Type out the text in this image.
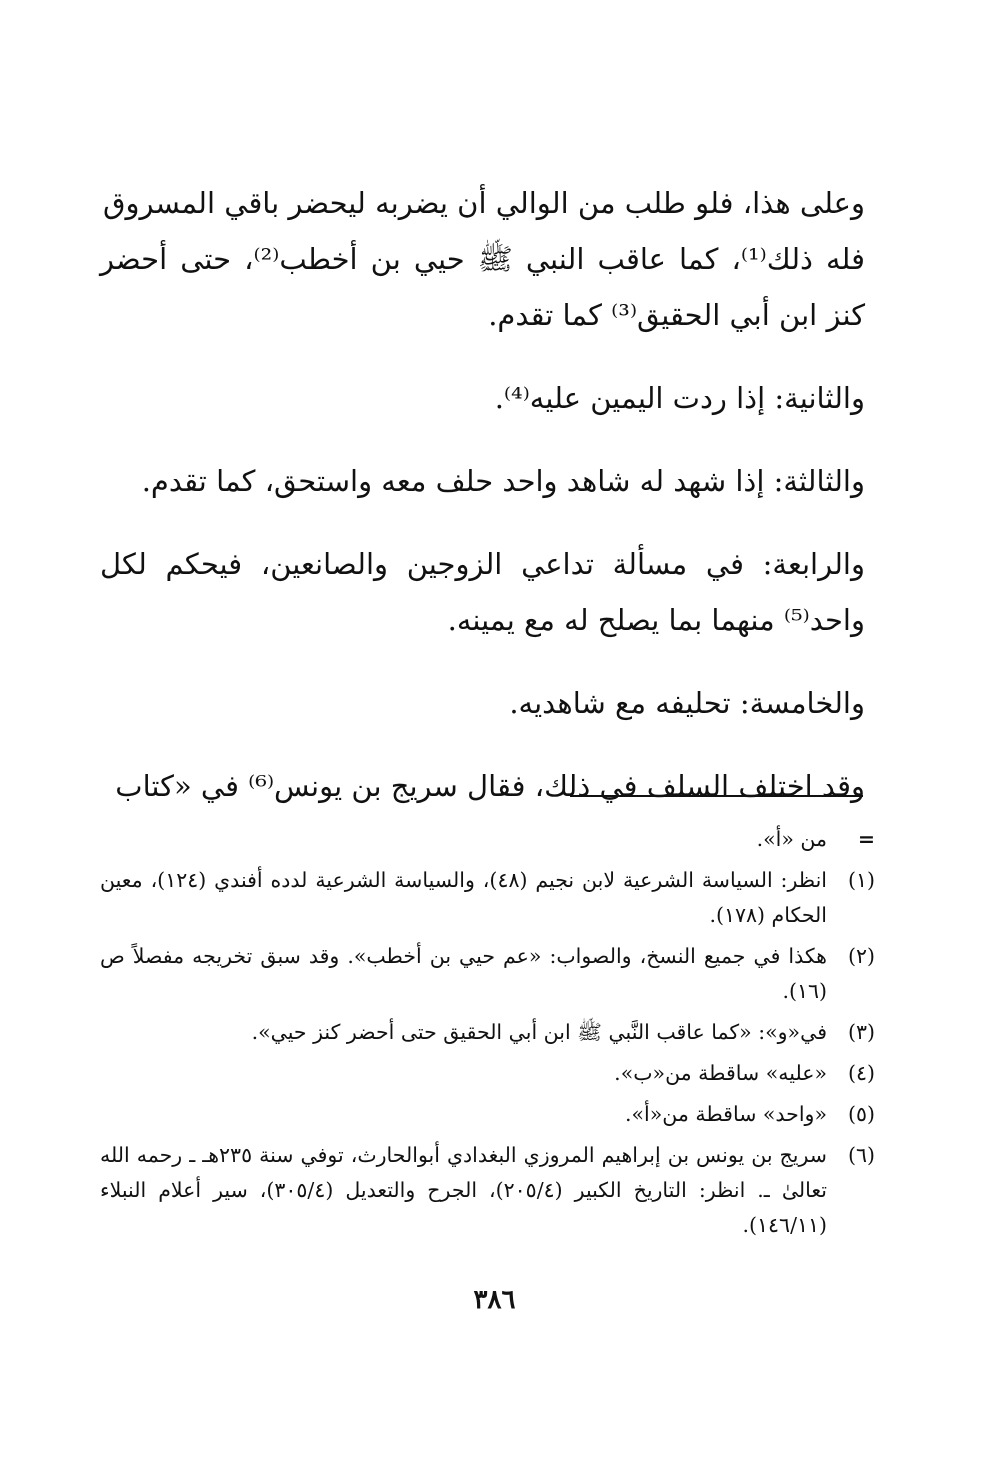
وعلى هذا، فلو طلب من الوالي أن يضربه ليحضر باقي المسروق

فله ذلك⁽¹⁾، كما عاقب النبي ﷺ حيي بن أخطب⁽²⁾، حتى أحضر كنز ابن أبي الحقيق⁽³⁾ كما تقدم.

والثانية: إذا ردت اليمين عليه⁽⁴⁾.

والثالثة: إذا شهد له شاهد واحد حلف معه واستحق، كما تقدم.

والرابعة: في مسألة تداعي الزوجين والصانعين، فيحكم لكل واحد⁽⁵⁾ منهما بما يصلح له مع يمينه.

والخامسة: تحليفه مع شاهديه.

وقد اختلف السلف في ذلك، فقال سريج بن يونس⁽⁶⁾ في «كتاب

=
من «أ».
(١)
انظر: السياسة الشرعية لابن نجيم (٤٨)، والسياسة الشرعية لدده أفندي (١٢٤)، معين الحكام (١٧٨).
(٢)
هكذا في جميع النسخ، والصواب: «عم حيي بن أخطب». وقد سبق تخريجه مفصلاً ص (١٦).
(٣)
في«و»: «كما عاقب النَّبي ﷺ ابن أبي الحقيق حتى أحضر كنز حيي».
(٤)
«عليه» ساقطة من«ب».
(٥)
«واحد» ساقطة من«أ».
(٦)
سريج بن يونس بن إبراهيم المروزي البغدادي أبوالحارث، توفي سنة ٢٣٥هـ ـ رحمه الله تعالىٰ ـ. انظر: التاريخ الكبير (٢٠٥/٤)، الجرح والتعديل (٣٠٥/٤)، سير أعلام النبلاء (١٤٦/١١).
٣٨٦
